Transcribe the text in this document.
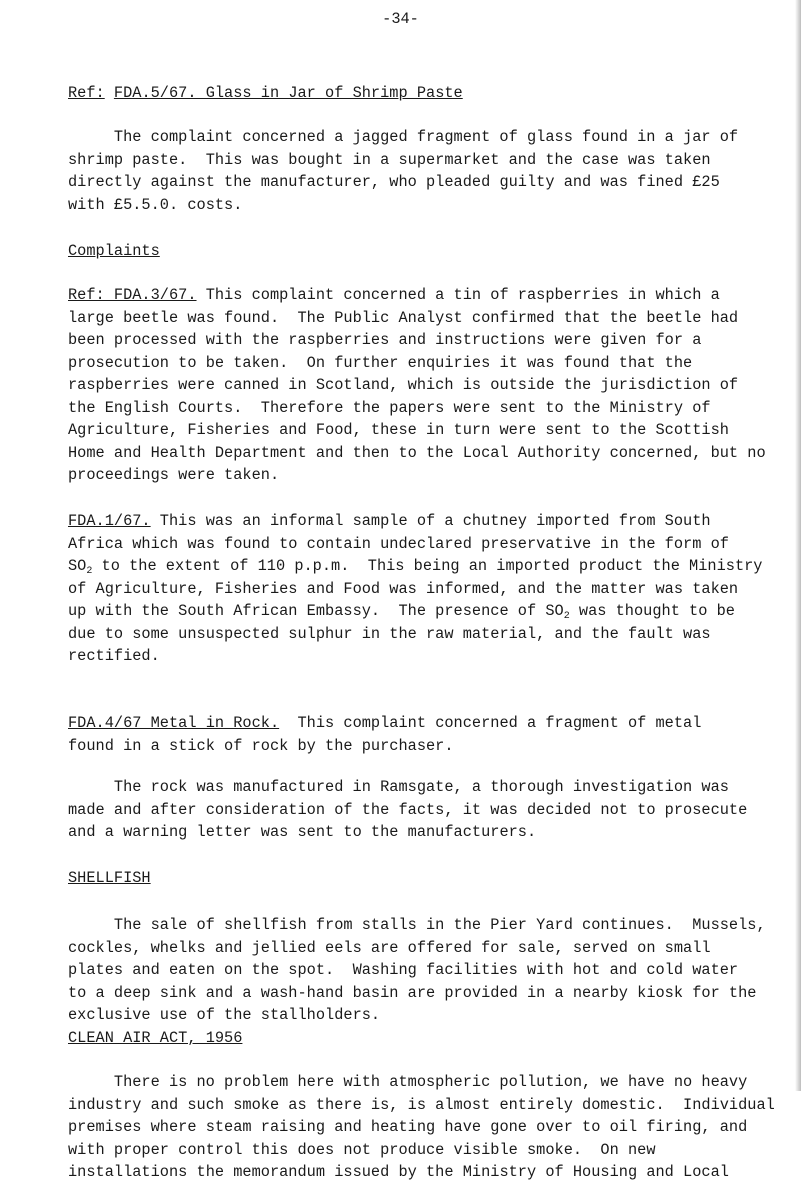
-34-
Ref: FDA.5/67. Glass in Jar of Shrimp Paste
The complaint concerned a jagged fragment of glass found in a jar of
shrimp paste.  This was bought in a supermarket and the case was taken
directly against the manufacturer, who pleaded guilty and was fined £25
with £5.5.0. costs.
Complaints
Ref: FDA.3/67. This complaint concerned a tin of raspberries in which a
large beetle was found.  The Public Analyst confirmed that the beetle had
been processed with the raspberries and instructions were given for a
prosecution to be taken.  On further enquiries it was found that the
raspberries were canned in Scotland, which is outside the jurisdiction of
the English Courts.  Therefore the papers were sent to the Ministry of
Agriculture, Fisheries and Food, these in turn were sent to the Scottish
Home and Health Department and then to the Local Authority concerned, but no
proceedings were taken.
FDA.1/67. This was an informal sample of a chutney imported from South
Africa which was found to contain undeclared preservative in the form of
$SO_2$ to the extent of 110 p.p.m.  This being an imported product the Ministry
of Agriculture, Fisheries and Food was informed, and the matter was taken
up with the South African Embassy.  The presence of $SO_2$ was thought to be
due to some unsuspected sulphur in the raw material, and the fault was
rectified.
FDA.4/67 Metal in Rock.  This complaint concerned a fragment of metal
found in a stick of rock by the purchaser.
The rock was manufactured in Ramsgate, a thorough investigation was
made and after consideration of the facts, it was decided not to prosecute
and a warning letter was sent to the manufacturers.
SHELLFISH
The sale of shellfish from stalls in the Pier Yard continues.  Mussels,
cockles, whelks and jellied eels are offered for sale, served on small
plates and eaten on the spot.  Washing facilities with hot and cold water
to a deep sink and a wash-hand basin are provided in a nearby kiosk for the
exclusive use of the stallholders.
CLEAN AIR ACT, 1956
There is no problem here with atmospheric pollution, we have no heavy
industry and such smoke as there is, is almost entirely domestic.  Individual
premises where steam raising and heating have gone over to oil firing, and
with proper control this does not produce visible smoke.  On new
installations the memorandum issued by the Ministry of Housing and Local
